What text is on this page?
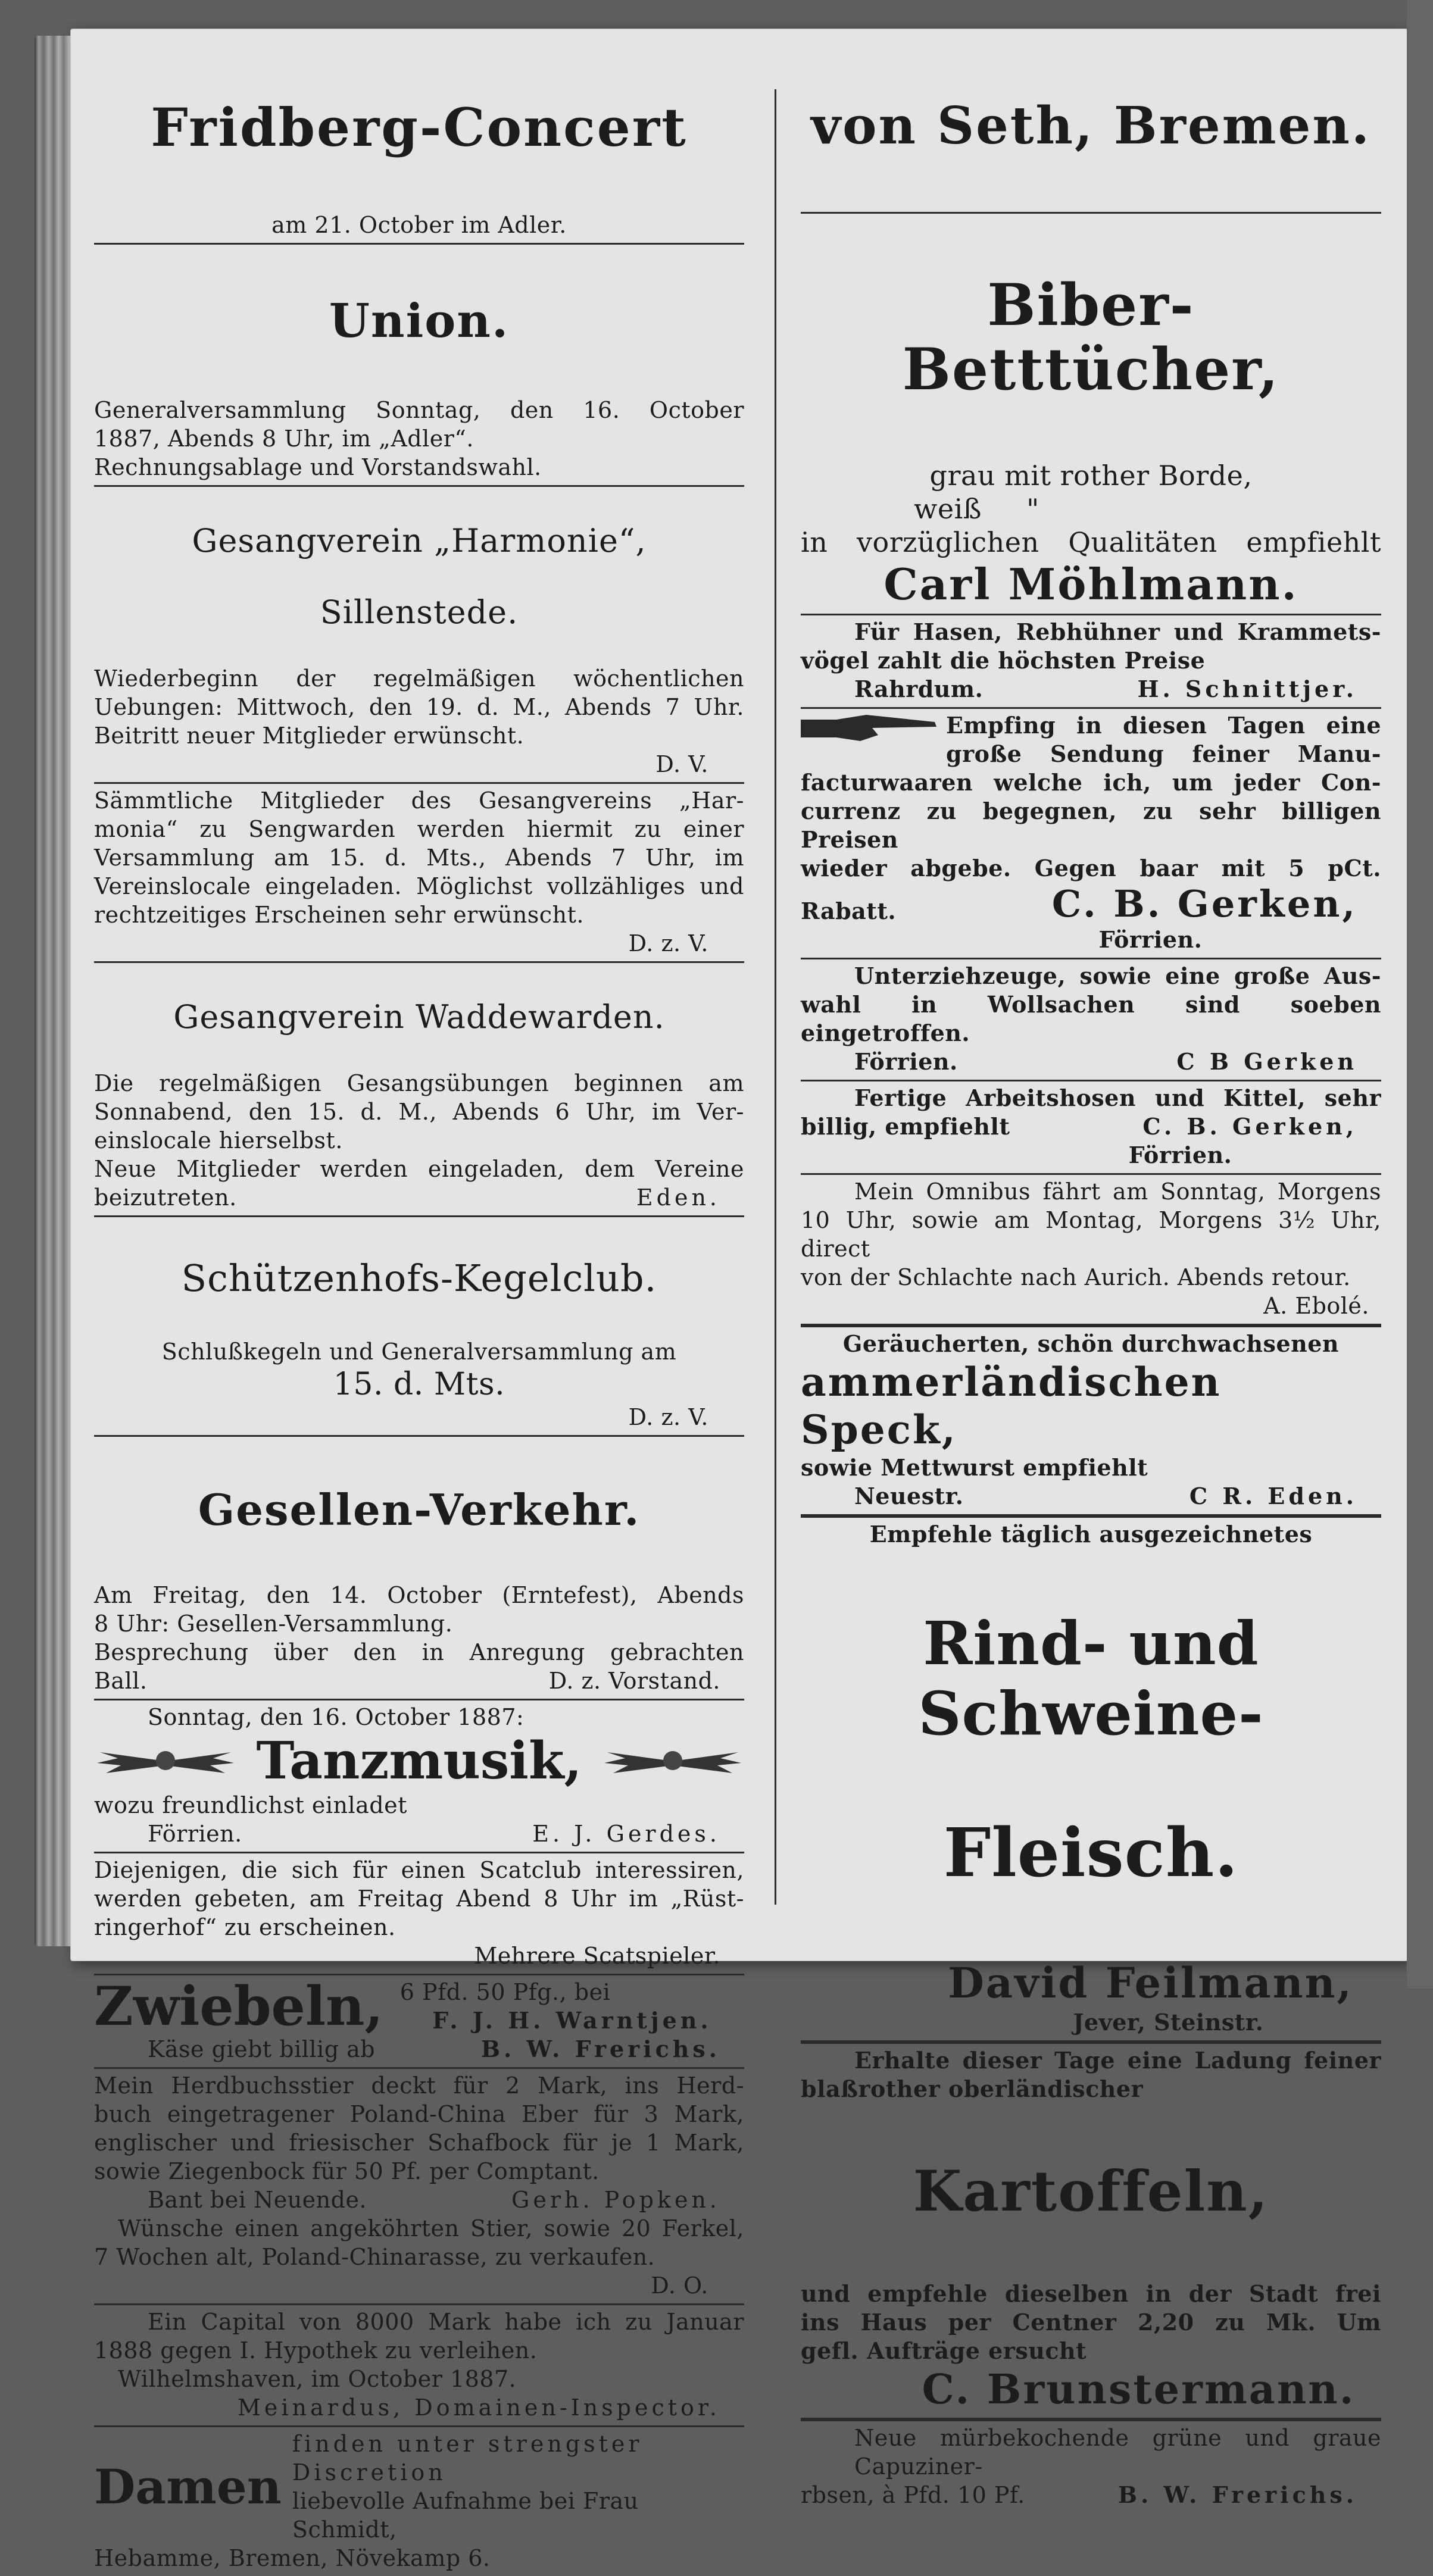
Fridberg-Concert

am 21. October im Adler.

Union.

Generalversammlung Sonntag, den 16. October

1887, Abends 8 Uhr, im „Adler“.

Rechnungsablage und Vorstandswahl.

Gesangverein „Harmonie“,

Sillenstede.

Wiederbeginn der regelmäßigen wöchentlichen

Uebungen: Mittwoch, den 19. d. M., Abends 7 Uhr.

Beitritt neuer Mitglieder erwünscht.

D. V.

Sämmtliche Mitglieder des Gesangvereins „Har-

monia“ zu Sengwarden werden hiermit zu einer

Versammlung am 15. d. Mts., Abends 7 Uhr, im

Vereinslocale eingeladen. Möglichst vollzähliges und

rechtzeitiges Erscheinen sehr erwünscht.

D. z. V.

Gesangverein Waddewarden.

Die regelmäßigen Gesangsübungen beginnen am

Sonnabend, den 15. d. M., Abends 6 Uhr, im Ver-

einslocale hierselbst.

Neue Mitglieder werden eingeladen, dem Vereine

beizutreten.	Eden.

Schützenhofs-Kegelclub.

Schlußkegeln und Generalversammlung am

15. d. Mts.

D. z. V.

Gesellen-Verkehr.

Am Freitag, den 14. October (Erntefest), Abends

8 Uhr: Gesellen-Versammlung.

Besprechung über den in Anregung gebrachten

Ball.	D. z. Vorstand.

Sonntag, den 16. October 1887:

Tanzmusik,

wozu freundlichst einladet

Förrien.	E. J. Gerdes.

Diejenigen, die sich für einen Scatclub interessiren,

werden gebeten, am Freitag Abend 8 Uhr im „Rüst-

ringerhof“ zu erscheinen.

Mehrere Scatspieler.

Zwiebeln, 6 Pfd. 50 Pfg., bei

F. J. H. Warntjen.

Käse giebt billig ab	B. W. Frerichs.

Mein Herdbuchsstier deckt für 2 Mark, ins Herd-

buch eingetragener Poland-China Eber für 3 Mark,

englischer und friesischer Schafbock für je 1 Mark,

sowie Ziegenbock für 50 Pf. per Comptant.

Bant bei Neuende.	Gerh. Popken.

Wünsche einen angeköhrten Stier, sowie 20 Ferkel,

7 Wochen alt, Poland-Chinarasse, zu verkaufen.

D. O.

Ein Capital von 8000 Mark habe ich zu Januar

1888 gegen I. Hypothek zu verleihen.

Wilhelmshaven, im October 1887.

Meinardus, Domainen-Inspector.

Damen

finden unter strengster Discretion

liebevolle Aufnahme bei Frau Schmidt,

Hebamme, Bremen, Növekamp 6.

von Seth, Bremen.

Biber-Betttücher,

grau mit rother Borde,

weiß "

in vorzüglichen Qualitäten empfiehlt

Carl Möhlmann.

Für Hasen, Rebhühner und Krammets-

vögel zahlt die höchsten Preise

Rahrdum.	H. Schnittjer.

Empfing in diesen Tagen eine

große Sendung feiner Manu-

facturwaaren welche ich, um jeder Con-

currenz zu begegnen, zu sehr billigen Preisen

wieder abgebe. Gegen baar mit 5 pCt.

Rabatt.	C. B. Gerken,

Förrien.

Unterziehzeuge, sowie eine große Aus-

wahl in Wollsachen sind soeben eingetroffen.

Förrien.	C B Gerken

Fertige Arbeitshosen und Kittel, sehr

billig, empfiehlt	C. B. Gerken,

Förrien.

Mein Omnibus fährt am Sonntag, Morgens

10 Uhr, sowie am Montag, Morgens 3½ Uhr, direct

von der Schlachte nach Aurich. Abends retour.

A. Ebolé.

Geräucherten, schön durchwachsenen

ammerländischen Speck,

sowie Mettwurst empfiehlt

Neuestr.	C R. Eden.

Empfehle täglich ausgezeichnetes

Rind- und Schweine-

Fleisch.

David Feilmann,

Jever, Steinstr.

Erhalte dieser Tage eine Ladung feiner

blaßrother oberländischer

Kartoffeln,

und empfehle dieselben in der Stadt frei

ins Haus per Centner 2,20 zu Mk. Um

gefl. Aufträge ersucht

C. Brunstermann.

Neue mürbekochende grüne und graue Capuziner-

rbsen, à Pfd. 10 Pf.	B. W. Frerichs.
